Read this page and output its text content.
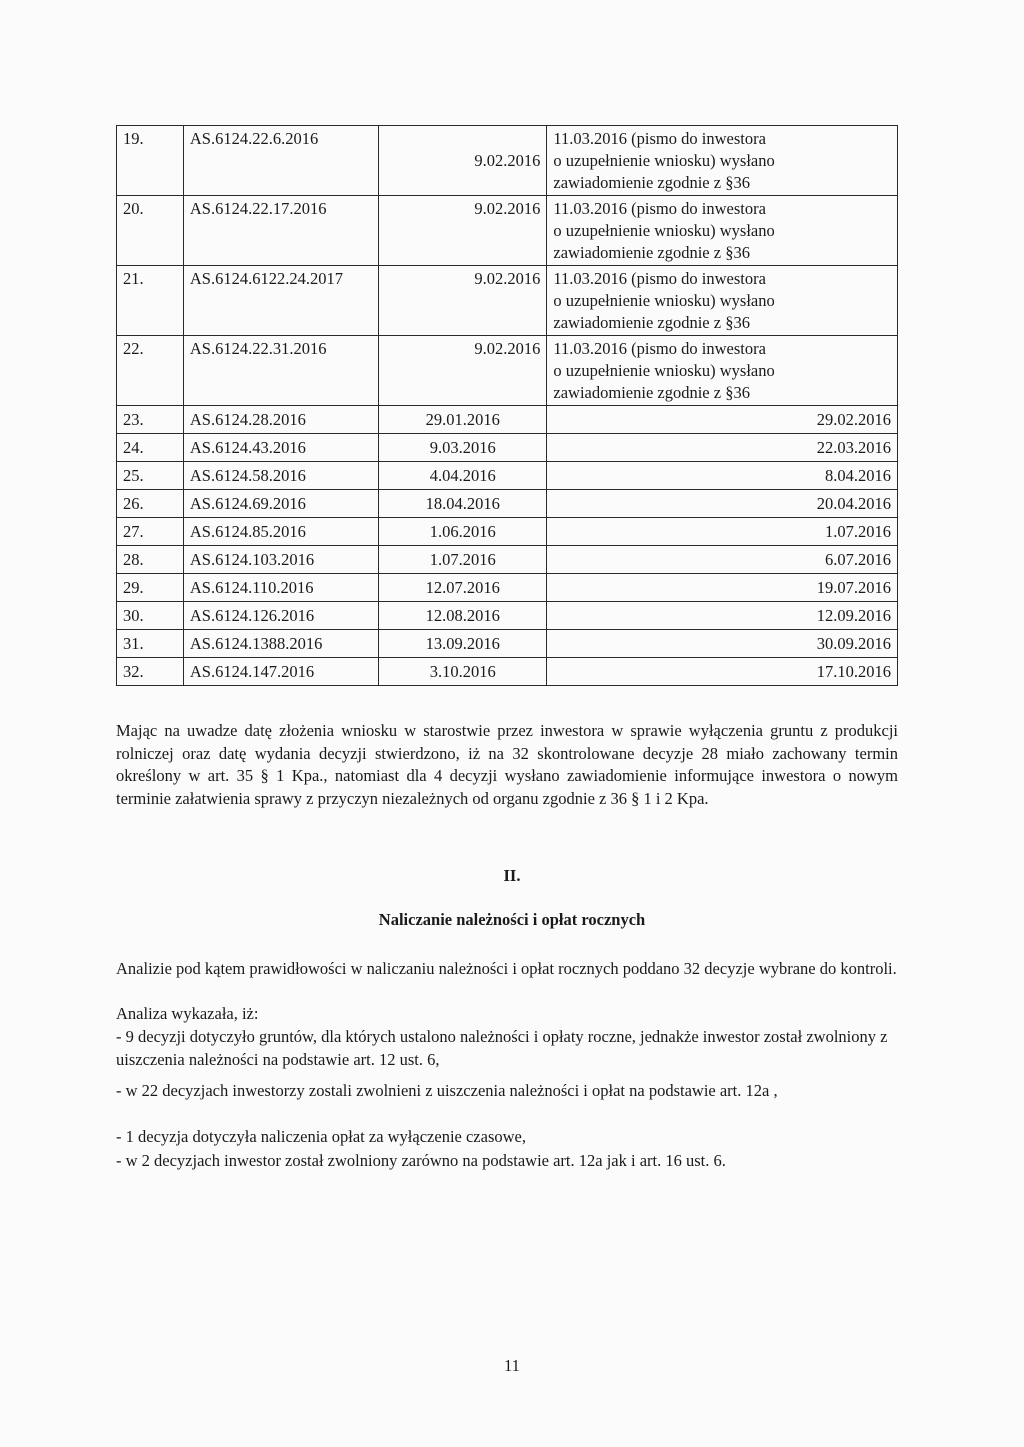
19.	AS.6124.22.6.2016	9.02.2016	11.03.2016 (pismo do inwestora
o uzupełnienie wniosku) wysłano
zawiadomienie zgodnie z §36

20.	AS.6124.22.17.2016	9.02.2016	11.03.2016 (pismo do inwestora
o uzupełnienie wniosku) wysłano
zawiadomienie zgodnie z §36

21.	AS.6124.6122.24.2017	9.02.2016	11.03.2016 (pismo do inwestora
o uzupełnienie wniosku) wysłano
zawiadomienie zgodnie z §36

22.	AS.6124.22.31.2016	9.02.2016	11.03.2016 (pismo do inwestora
o uzupełnienie wniosku) wysłano
zawiadomienie zgodnie z §36

23.	AS.6124.28.2016	29.01.2016	29.02.2016
24.	AS.6124.43.2016	9.03.2016	22.03.2016
25.	AS.6124.58.2016	4.04.2016	8.04.2016
26.	AS.6124.69.2016	18.04.2016	20.04.2016
27.	AS.6124.85.2016	1.06.2016	1.07.2016
28.	AS.6124.103.2016	1.07.2016	6.07.2016
29.	AS.6124.110.2016	12.07.2016	19.07.2016
30.	AS.6124.126.2016	12.08.2016	12.09.2016
31.	AS.6124.1388.2016	13.09.2016	30.09.2016
32.	AS.6124.147.2016	3.10.2016	17.10.2016

Mając na uwadze datę złożenia wniosku w starostwie przez inwestora w sprawie wyłączenia gruntu z produkcji rolniczej oraz datę wydania decyzji stwierdzono, iż na 32 skontrolowane decyzje 28 miało zachowany termin określony w art. 35 § 1 Kpa., natomiast dla 4 decyzji wysłano zawiadomienie informujące inwestora o nowym terminie załatwienia sprawy z przyczyn niezależnych od organu zgodnie z 36 § 1 i 2 Kpa.

II.

Naliczanie należności i opłat rocznych

Analizie pod kątem prawidłowości w naliczaniu należności i opłat rocznych poddano 32 decyzje wybrane do kontroli.

Analiza wykazała, iż:

- 9 decyzji dotyczyło gruntów, dla których ustalono należności i opłaty roczne, jednakże inwestor został zwolniony z uiszczenia należności na podstawie art. 12 ust. 6,

- w 22 decyzjach inwestorzy zostali zwolnieni z uiszczenia należności i opłat na podstawie art. 12a ,

- 1 decyzja dotyczyła naliczenia opłat za wyłączenie czasowe,

- w 2 decyzjach inwestor został zwolniony zarówno na podstawie art. 12a jak i art. 16 ust. 6.

11
